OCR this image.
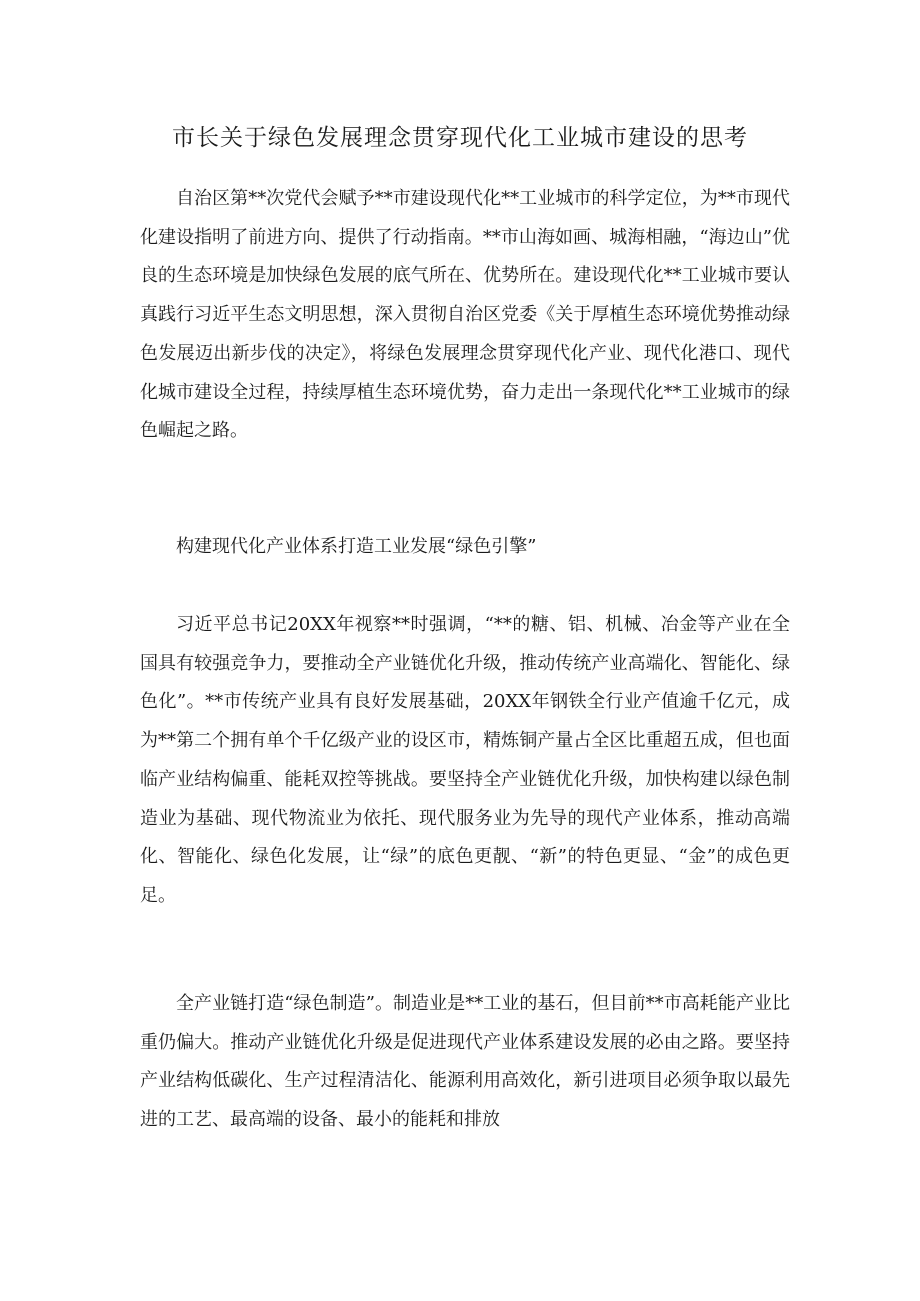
市长关于绿色发展理念贯穿现代化工业城市建设的思考

自治区第**次党代会赋予**市建设现代化**工业城市的科学定位，为**市现代化建设指明了前进方向、提供了行动指南。**市山海如画、城海相融，“海边山”优良的生态环境是加快绿色发展的底气所在、优势所在。建设现代化**工业城市要认真践行习近平生态文明思想，深入贯彻自治区党委《关于厚植生态环境优势推动绿色发展迈出新步伐的决定》，将绿色发展理念贯穿现代化产业、现代化港口、现代化城市建设全过程，持续厚植生态环境优势，奋力走出一条现代化**工业城市的绿色崛起之路。

构建现代化产业体系打造工业发展“绿色引擎”

习近平总书记20XX年视察**时强调，“**的糖、铝、机械、冶金等产业在全国具有较强竞争力，要推动全产业链优化升级，推动传统产业高端化、智能化、绿色化”。**市传统产业具有良好发展基础，20XX年钢铁全行业产值逾千亿元，成为**第二个拥有单个千亿级产业的设区市，精炼铜产量占全区比重超五成，但也面临产业结构偏重、能耗双控等挑战。要坚持全产业链优化升级，加快构建以绿色制造业为基础、现代物流业为依托、现代服务业为先导的现代产业体系，推动高端化、智能化、绿色化发展，让“绿”的底色更靓、“新”的特色更显、“金”的成色更足。

全产业链打造“绿色制造”。制造业是**工业的基石，但目前**市高耗能产业比重仍偏大。推动产业链优化升级是促进现代产业体系建设发展的必由之路。要坚持产业结构低碳化、生产过程清洁化、能源利用高效化，新引进项目必须争取以最先进的工艺、最高端的设备、最小的能耗和排放
